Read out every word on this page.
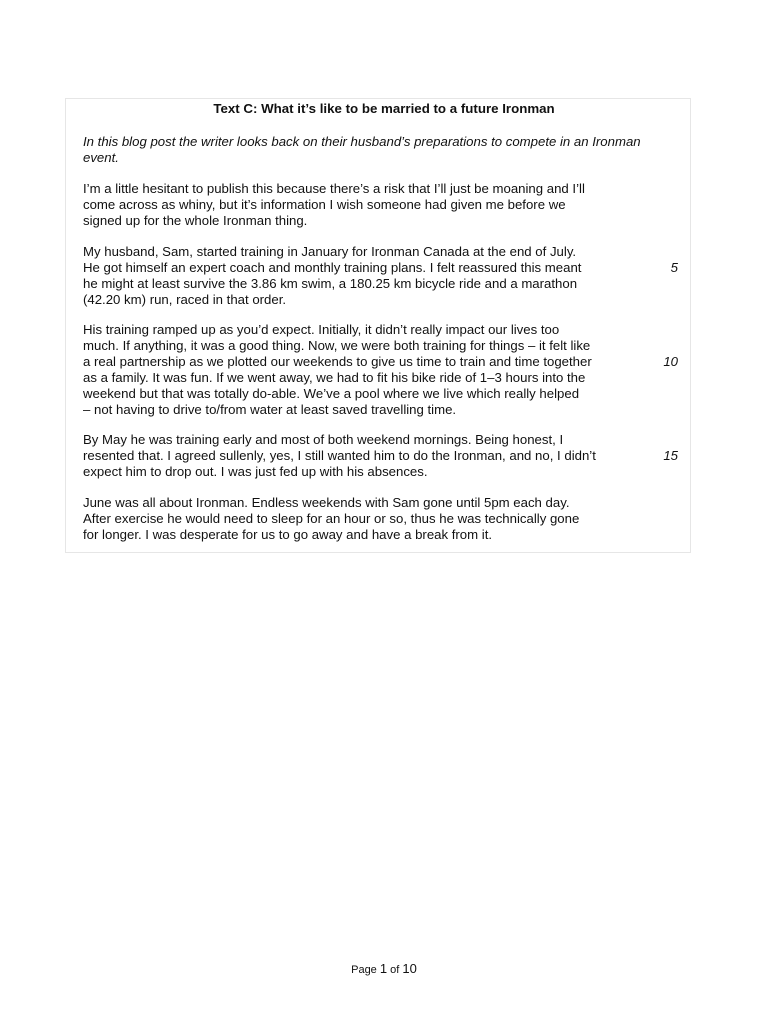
Text C: What it’s like to be married to a future Ironman

In this blog post the writer looks back on their husband’s preparations to compete in an Ironman

event.

I’m a little hesitant to publish this because there’s a risk that I’ll just be moaning and I’ll

come across as whiny, but it’s information I wish someone had given me before we

signed up for the whole Ironman thing.

My husband, Sam, started training in January for Ironman Canada at the end of July.

He got himself an expert coach and monthly training plans. I felt reassured this meant

he might at least survive the 3.86 km swim, a 180.25 km bicycle ride and a marathon

(42.20 km) run, raced in that order.

His training ramped up as you’d expect. Initially, it didn’t really impact our lives too

much. If anything, it was a good thing. Now, we were both training for things – it felt like

a real partnership as we plotted our weekends to give us time to train and time together

as a family. It was fun. If we went away, we had to fit his bike ride of 1–3 hours into the

weekend but that was totally do-able. We’ve a pool where we live which really helped

– not having to drive to/from water at least saved travelling time.

By May he was training early and most of both weekend mornings. Being honest, I

resented that. I agreed sullenly, yes, I still wanted him to do the Ironman, and no, I didn’t

expect him to drop out. I was just fed up with his absences.

June was all about Ironman. Endless weekends with Sam gone until 5pm each day.

After exercise he would need to sleep for an hour or so, thus he was technically gone

for longer. I was desperate for us to go away and have a break from it.

5

10

15

Page 1 of 10
